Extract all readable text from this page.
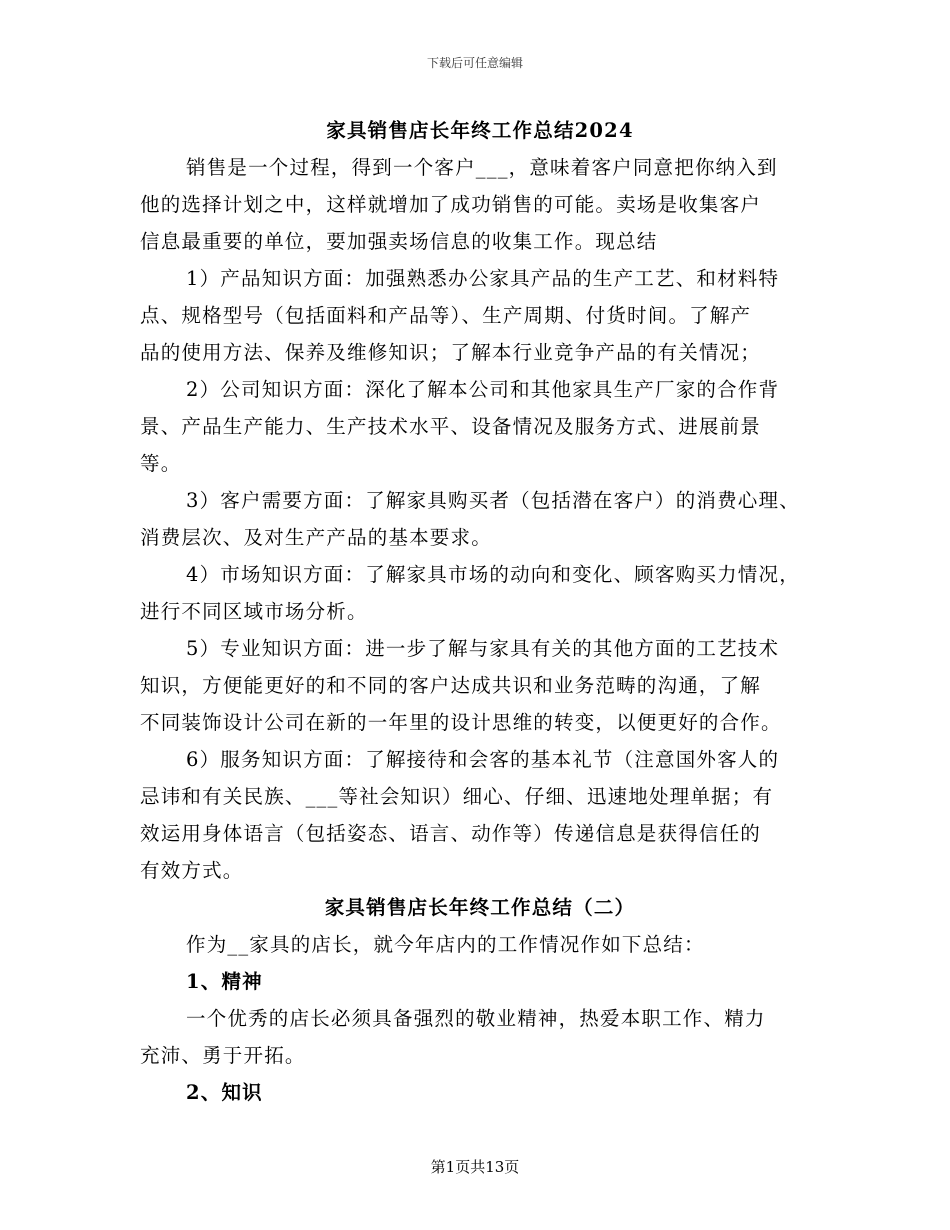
下载后可任意编辑
家具销售店长年终工作总结2024
销售是一个过程，得到一个客户___，意味着客户同意把你纳入到
他的选择计划之中，这样就增加了成功销售的可能。卖场是收集客户
信息最重要的单位，要加强卖场信息的收集工作。现总结
1）产品知识方面：加强熟悉办公家具产品的生产工艺、和材料特
点、规格型号（包括面料和产品等）、生产周期、付货时间。了解产
品的使用方法、保养及维修知识；了解本行业竞争产品的有关情况；
2）公司知识方面：深化了解本公司和其他家具生产厂家的合作背
景、产品生产能力、生产技术水平、设备情况及服务方式、进展前景
等。
3）客户需要方面：了解家具购买者（包括潜在客户）的消费心理、
消费层次、及对生产产品的基本要求。
4）市场知识方面：了解家具市场的动向和变化、顾客购买力情况，
进行不同区域市场分析。
5）专业知识方面：进一步了解与家具有关的其他方面的工艺技术
知识，方便能更好的和不同的客户达成共识和业务范畴的沟通，了解
不同装饰设计公司在新的一年里的设计思维的转变，以便更好的合作。
6）服务知识方面：了解接待和会客的基本礼节（注意国外客人的
忌讳和有关民族、___等社会知识）细心、仔细、迅速地处理单据；有
效运用身体语言（包括姿态、语言、动作等）传递信息是获得信任的
有效方式。
家具销售店长年终工作总结（二）
作为__家具的店长，就今年店内的工作情况作如下总结：
1、精神
一个优秀的店长必须具备强烈的敬业精神，热爱本职工作、精力
充沛、勇于开拓。
2、知识
第1页共13页
